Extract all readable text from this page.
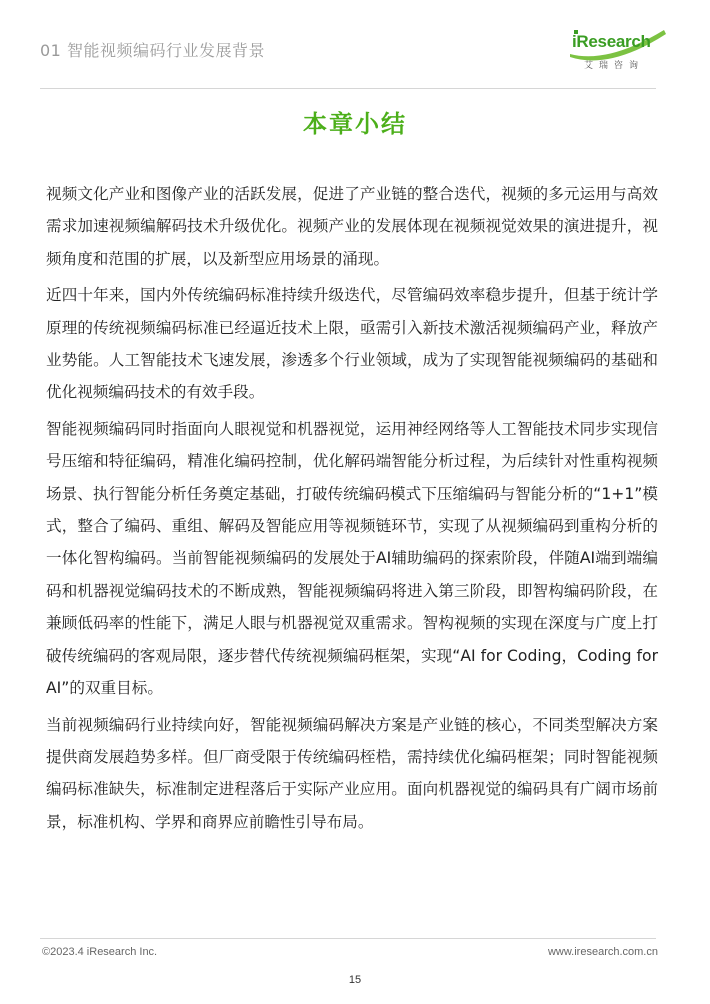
01 智能视频编码行业发展背景	iResearch
艾瑞咨询
本章小结

视频文化产业和图像产业的活跃发展，促进了产业链的整合迭代，视频的多元运用与高效需求加速视频编解码技术升级优化。视频产业的发展体现在视频视觉效果的演进提升，视频角度和范围的扩展，以及新型应用场景的涌现。

近四十年来，国内外传统编码标准持续升级迭代，尽管编码效率稳步提升，但基于统计学原理的传统视频编码标准已经逼近技术上限，亟需引入新技术激活视频编码产业，释放产业势能。人工智能技术飞速发展，渗透多个行业领域，成为了实现智能视频编码的基础和优化视频编码技术的有效手段。

智能视频编码同时指面向人眼视觉和机器视觉，运用神经网络等人工智能技术同步实现信号压缩和特征编码，精准化编码控制，优化解码端智能分析过程，为后续针对性重构视频场景、执行智能分析任务奠定基础，打破传统编码模式下压缩编码与智能分析的“1+1”模式，整合了编码、重组、解码及智能应用等视频链环节，实现了从视频编码到重构分析的一体化智构编码。当前智能视频编码的发展处于AI辅助编码的探索阶段，伴随AI端到端编码和机器视觉编码技术的不断成熟，智能视频编码将进入第三阶段，即智构编码阶段，在兼顾低码率的性能下，满足人眼与机器视觉双重需求。智构视频的实现在深度与广度上打破传统编码的客观局限，逐步替代传统视频编码框架，实现“AI for Coding，Coding for AI”的双重目标。

当前视频编码行业持续向好，智能视频编码解决方案是产业链的核心，不同类型解决方案提供商发展趋势多样。但厂商受限于传统编码桎梏，需持续优化编码框架；同时智能视频编码标准缺失，标准制定进程落后于实际产业应用。面向机器视觉的编码具有广阔市场前景，标准机构、学界和商界应前瞻性引导布局。

©2023.4 iResearch Inc.	www.iresearch.com.cn
15
